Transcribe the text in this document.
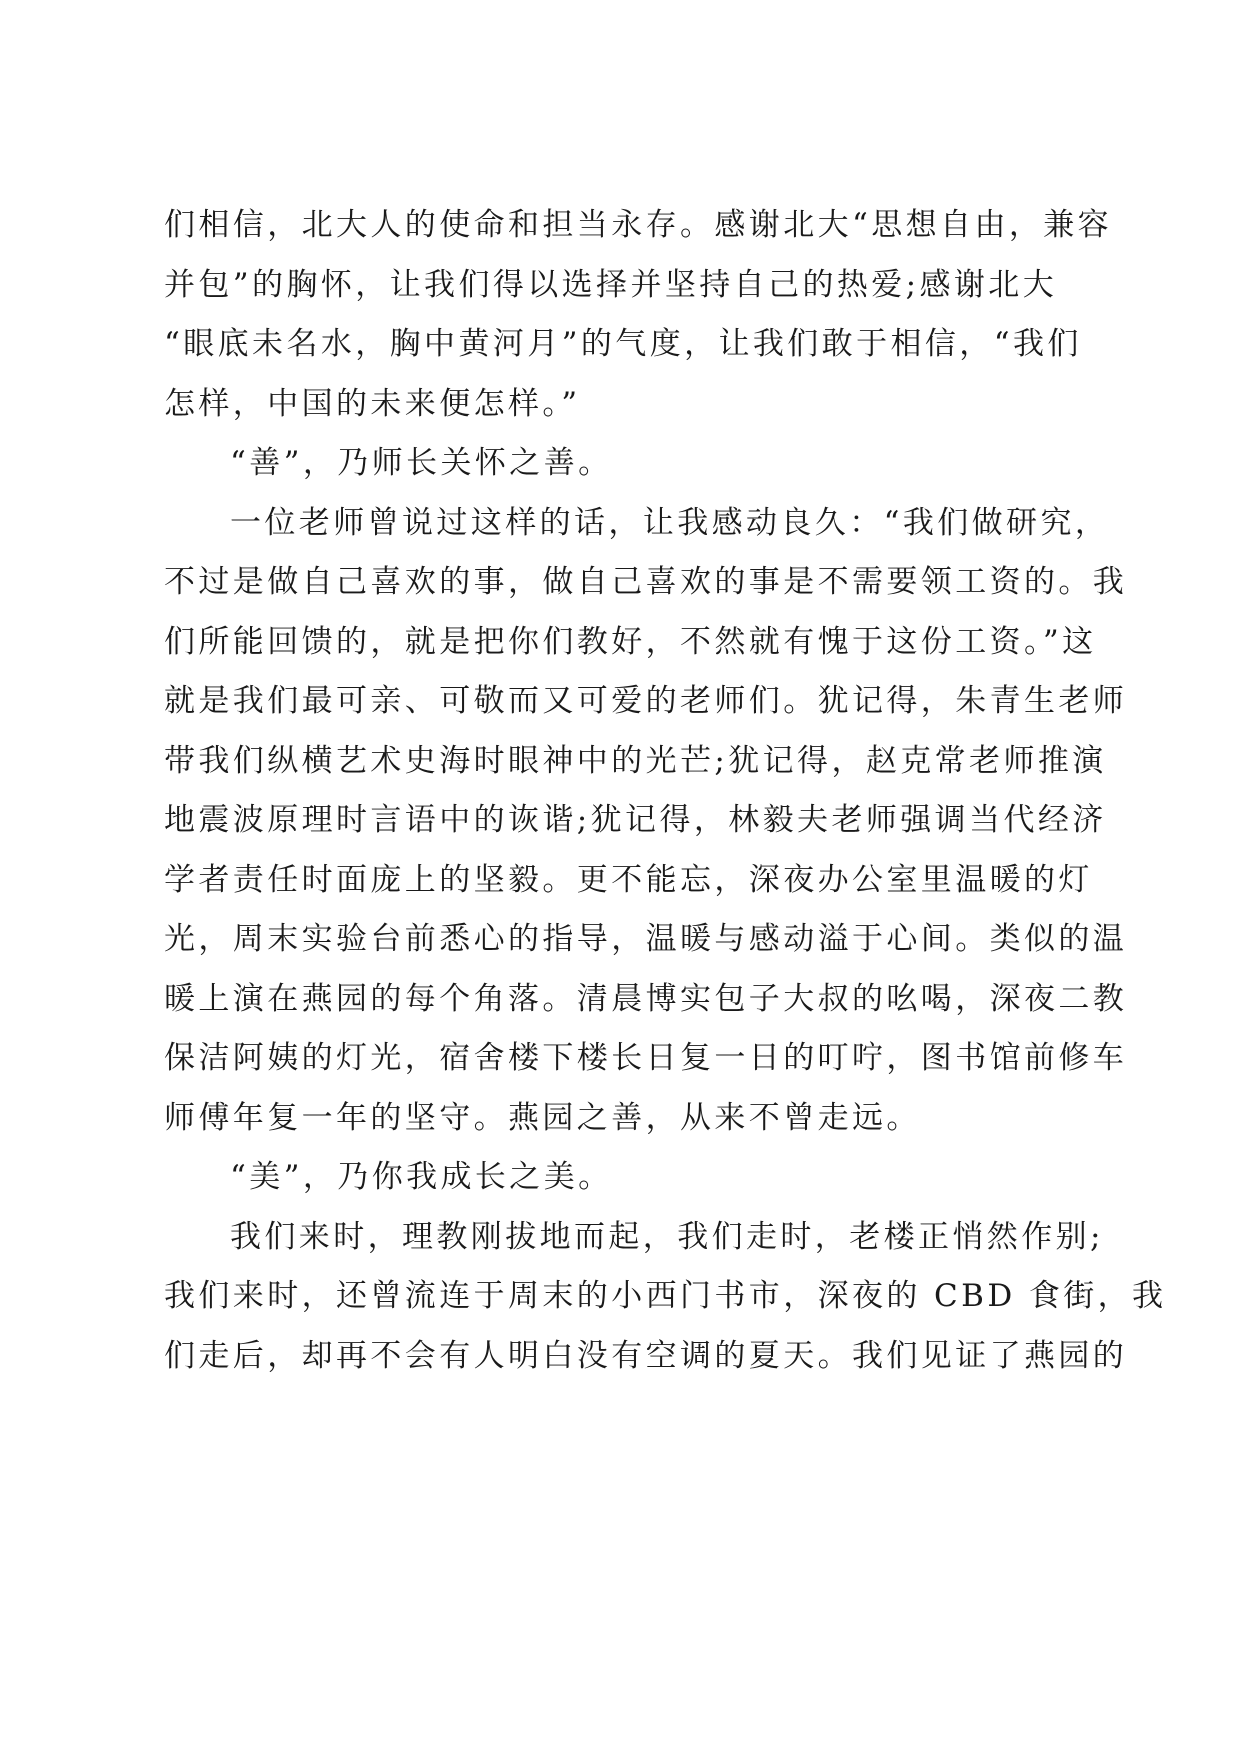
们相信，北大人的使命和担当永存。感谢北大“思想自由，兼容
并包”的胸怀，让我们得以选择并坚持自己的热爱;感谢北大
“眼底未名水，胸中黄河月”的气度，让我们敢于相信，“我们
怎样，中国的未来便怎样。”
“善”，乃师长关怀之善。
一位老师曾说过这样的话，让我感动良久：“我们做研究，
不过是做自己喜欢的事，做自己喜欢的事是不需要领工资的。我
们所能回馈的，就是把你们教好，不然就有愧于这份工资。”这
就是我们最可亲、可敬而又可爱的老师们。犹记得，朱青生老师
带我们纵横艺术史海时眼神中的光芒;犹记得，赵克常老师推演
地震波原理时言语中的诙谐;犹记得，林毅夫老师强调当代经济
学者责任时面庞上的坚毅。更不能忘，深夜办公室里温暖的灯
光，周末实验台前悉心的指导，温暖与感动溢于心间。类似的温
暖上演在燕园的每个角落。清晨博实包子大叔的吆喝，深夜二教
保洁阿姨的灯光，宿舍楼下楼长日复一日的叮咛，图书馆前修车
师傅年复一年的坚守。燕园之善，从来不曾走远。
“美”，乃你我成长之美。
我们来时，理教刚拔地而起，我们走时，老楼正悄然作别;
我们来时，还曾流连于周末的小西门书市，深夜的 CBD 食街，我
们走后，却再不会有人明白没有空调的夏天。我们见证了燕园的
